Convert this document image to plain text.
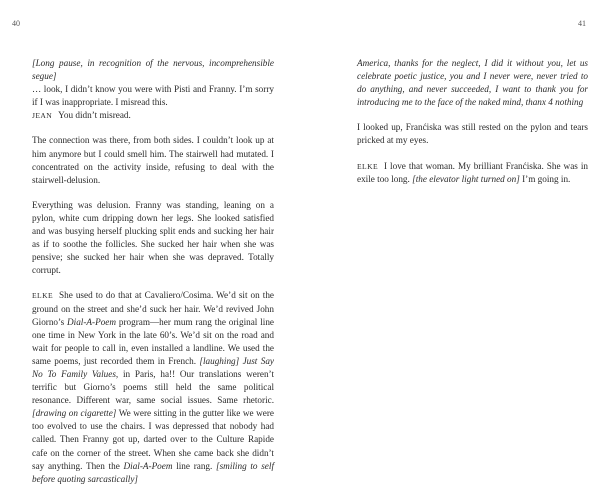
40

[Long pause, in recognition of the nervous, incomprehensible segue]
… look, I didn’t know you were with Pisti and Franny. I’m sorry if I was inappropriate. I misread this.

JEAN You didn’t misread.

The connection was there, from both sides. I couldn’t look up at him anymore but I could smell him. The stairwell had mutated. I concentrated on the activity inside, refusing to deal with the stairwell-delusion.

Everything was delusion. Franny was standing, leaning on a pylon, white cum dripping down her legs. She looked satisfied and was busying herself plucking split ends and sucking her hair as if to soothe the follicles. She sucked her hair when she was pensive; she sucked her hair when she was depraved. Totally corrupt.

ELKE She used to do that at Cavaliero/Cosima. We’d sit on the ground on the street and she’d suck her hair. We’d revived John Giorno’s Dial-A-Poem program—her mum rang the original line one time in New York in the late 60’s. We’d sit on the road and wait for people to call in, even installed a landline. We used the same poems, just recorded them in French. [laughing] Just Say No To Family Values, in Paris, ha!! Our translations weren’t terrific but Giorno’s poems still held the same political resonance. Different war, same social issues. Same rhetoric. [drawing on cigarette] We were sitting in the gutter like we were too evolved to use the chairs. I was depressed that nobody had called. Then Franny got up, darted over to the Culture Rapide cafe on the corner of the street. When she came back she didn’t say anything. Then the Dial-A-Poem line rang. [smiling to self before quoting sarcastically]

41

America, thanks for the neglect, I did it without you, let us celebrate poetic justice, you and I never were, never tried to do anything, and never succeeded, I want to thank you for introducing me to the face of the naked mind, thanx 4 nothing

I looked up, Franćiska was still rested on the pylon and tears pricked at my eyes.

ELKE I love that woman. My brilliant Franćiska. She was in exile too long. [the elevator light turned on] I’m going in.
